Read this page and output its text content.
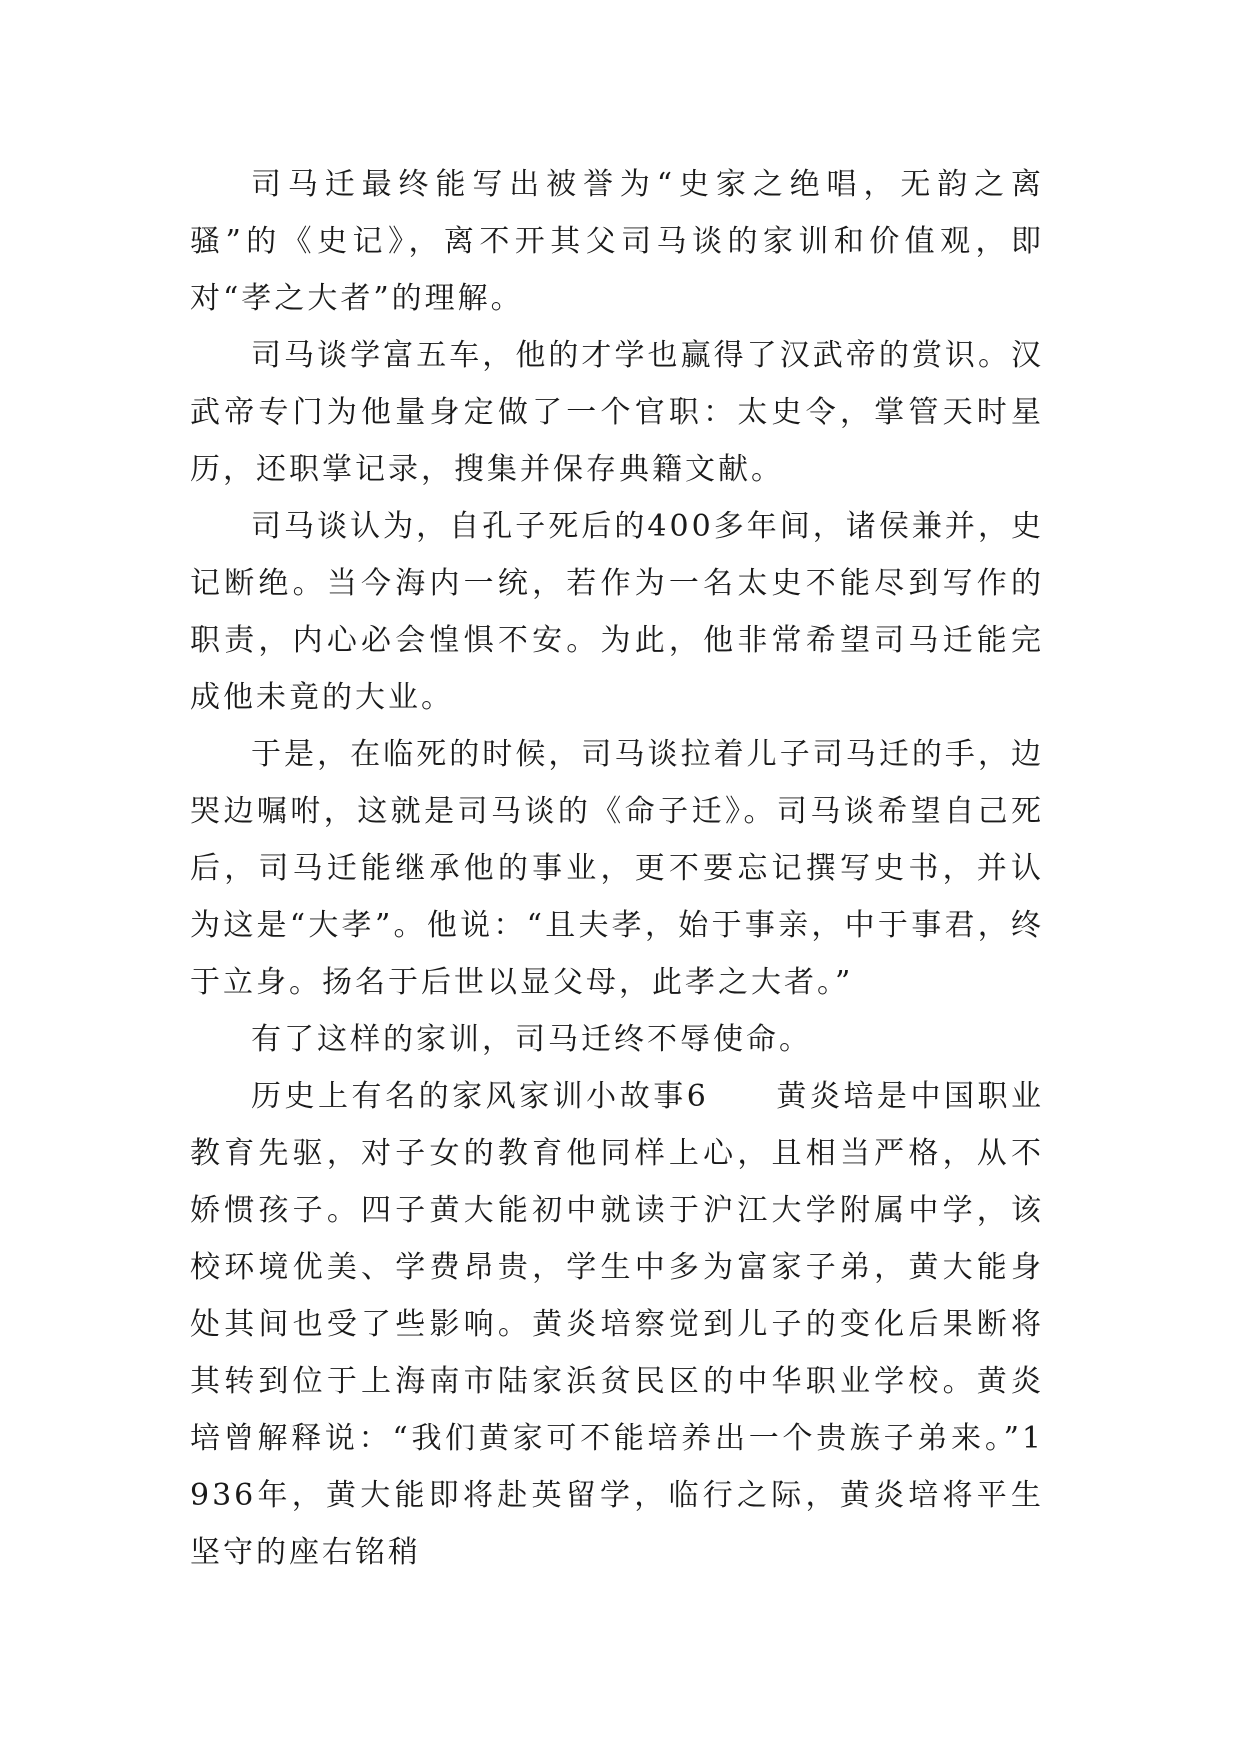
司马迁最终能写出被誉为“史家之绝唱，无韵之离骚”的《史记》，离不开其父司马谈的家训和价值观，即对“孝之大者”的理解。

司马谈学富五车，他的才学也赢得了汉武帝的赏识。汉武帝专门为他量身定做了一个官职：太史令，掌管天时星历，还职掌记录，搜集并保存典籍文献。

司马谈认为，自孔子死后的400多年间，诸侯兼并，史记断绝。当今海内一统，若作为一名太史不能尽到写作的职责，内心必会惶惧不安。为此，他非常希望司马迁能完成他未竟的大业。

于是，在临死的时候，司马谈拉着儿子司马迁的手，边哭边嘱咐，这就是司马谈的《命子迁》。司马谈希望自己死后，司马迁能继承他的事业，更不要忘记撰写史书，并认为这是“大孝”。他说：“且夫孝，始于事亲，中于事君，终于立身。扬名于后世以显父母，此孝之大者。”

有了这样的家训，司马迁终不辱使命。

历史上有名的家风家训小故事6　　黄炎培是中国职业教育先驱，对子女的教育他同样上心，且相当严格，从不娇惯孩子。四子黄大能初中就读于沪江大学附属中学，该校环境优美、学费昂贵，学生中多为富家子弟，黄大能身处其间也受了些影响。黄炎培察觉到儿子的变化后果断将其转到位于上海南市陆家浜贫民区的中华职业学校。黄炎培曾解释说：“我们黄家可不能培养出一个贵族子弟来。”1936年，黄大能即将赴英留学，临行之际，黄炎培将平生坚守的座右铭稍
